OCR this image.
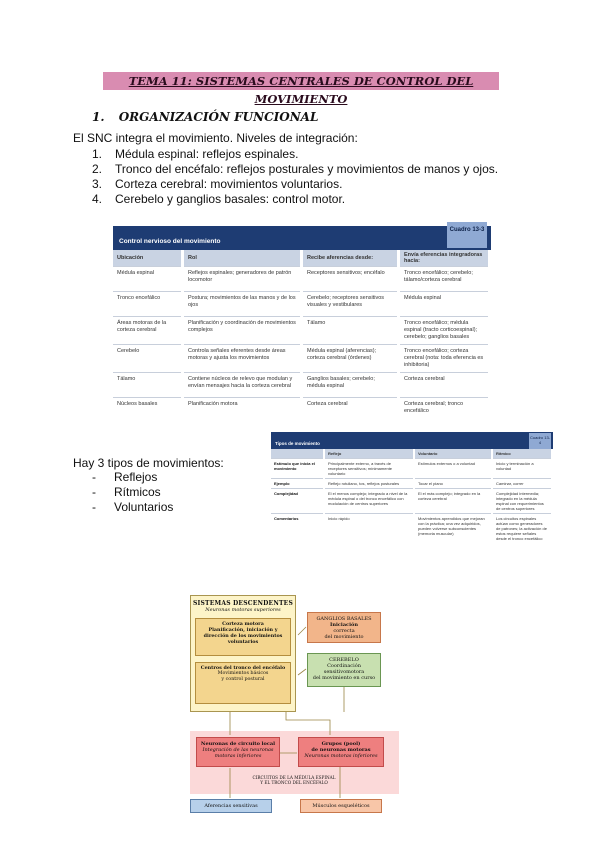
TEMA 11: SISTEMAS CENTRALES DE CONTROL DEL MOVIMIENTO
1. ORGANIZACIÓN FUNCIONAL
El SNC integra el movimiento. Niveles de integración:
1. Médula espinal: reflejos espinales.
2. Tronco del encéfalo: reflejos posturales y movimientos de manos y ojos.
3. Corteza cerebral: movimientos voluntarios.
4. Cerebelo y ganglios basales: control motor.
Control nervioso del movimiento
Cuadro 13-3
Ubicación	Rol	Recibe aferencias desde:	Envía eferencias integradoras hacia:
Médula espinal	Reflejos espinales; generadores de patrón locomotor	Receptores sensitivos; encéfalo	Tronco encefálico; cerebelo; tálamo/corteza cerebral
Tronco encefálico	Postura; movimientos de las manos y de los ojos	Cerebelo; receptores sensitivos visuales y vestibulares	Médula espinal
Áreas motoras de la corteza cerebral	Planificación y coordinación de movimientos complejos	Tálamo	Tronco encefálico; médula espinal (tracto corticoespinal); cerebelo; ganglios basales
Cerebelo	Controla señales eferentes desde áreas motoras y ajusta los movimientos	Médula espinal (aferencias); corteza cerebral (órdenes)	Tronco encefálico; corteza cerebral (nota: toda eferencia es inhibitoria)
Tálamo	Contiene núcleos de relevo que modulan y envían mensajes hacia la corteza cerebral	Ganglios basales; cerebelo; médula espinal	Corteza cerebral
Núcleos basales	Planificación motora	Corteza cerebral	Corteza cerebral; tronco encefálico
Hay 3 tipos de movimientos:
- Reflejos
- Rítmicos
- Voluntarios
Tipos de movimiento
Cuadro 13-4
	Reflejo	Voluntario	Rítmico
Estímulo que inicia el movimiento	Principalmente externo, a través de receptores sensitivos; mínimamente voluntario	Estímulos externos o a voluntad	Inicio y terminación a voluntad
Ejemplo	Reflejo rotuliano, tos, reflejos posturales	Tocar el piano	Caminar, correr
Complejidad	El el menos complejo; integrado a nivel de la médula espinal o del tronco encefálico con modulación de centros superiores	El el más complejo; integrado en la corteza cerebral	Complejidad intermedia; integrado en la médula espinal con requerimientos de centros superiores
Comentarios	Inicio rápido	Movimientos aprendidos que mejoran con la práctica; una vez adquiridos, pueden volverse subconscientes (memoria muscular)	Los circuitos espinales actúan como generadores de patrones; la activación de estos requiere señales desde el tronco encefálico
SISTEMAS DESCENDENTES
Neuronas motoras superiores
Corteza motora
Planificación, iniciación y dirección de los movimientos voluntarios
Centros del tronco del encéfalo
Movimientos básicos
y control postural
GANGLIOS BASALES
Iniciación
correcta
del movimiento
CEREBELO
Coordinación
sensitivomotora
del movimiento en curso
Neuronas de circuito local
Integración de las neuronas
motoras inferiores
Grupos (pool)
de neuronas motoras
Neuronas motoras inferiores
CIRCUITOS DE LA MÉDULA ESPINAL
Y EL TRONCO DEL ENCÉFALO
Aferencias sensitivas	Músculos esqueléticos
